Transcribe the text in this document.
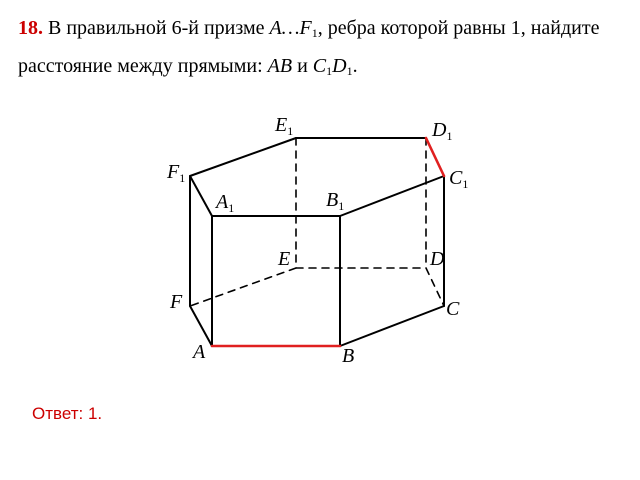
18. В правильной 6-й призме A…F1, ребра которой равны 1, найдите расстояние между прямыми: AB и C1D1.
$E_1$	$D_1$
$F_1$	$C_1$
$A_1$	$B_1$
E	D
F	C
A	B
Ответ: 1.
